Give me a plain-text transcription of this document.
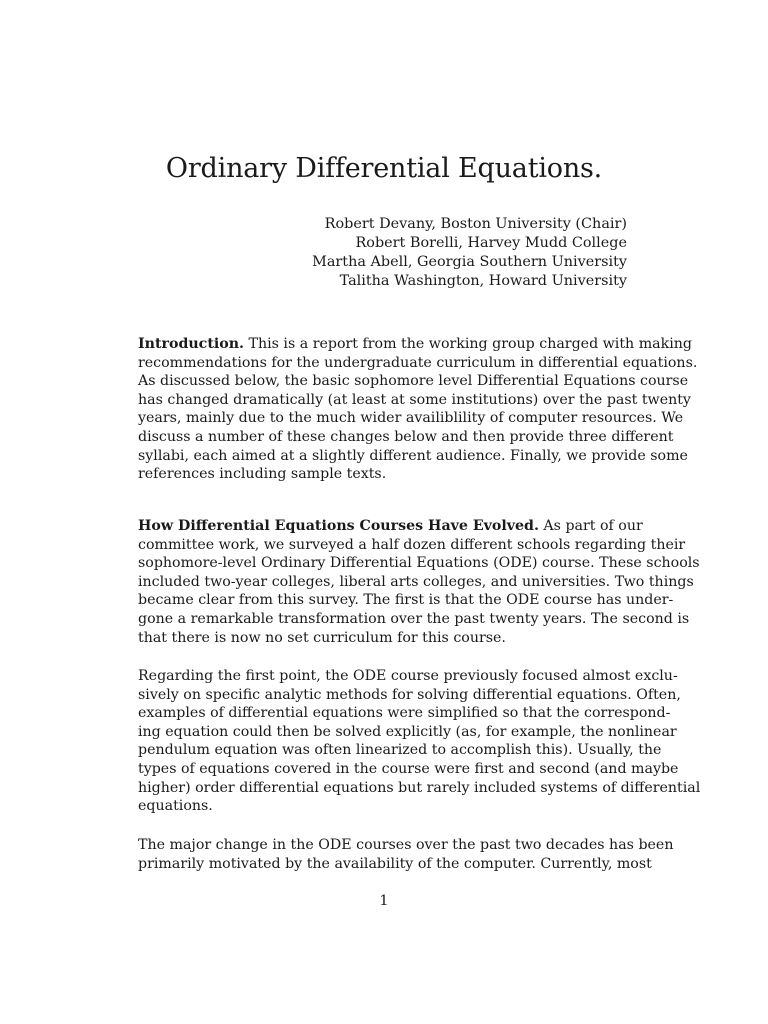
Ordinary Differential Equations.
Robert Devany, Boston University (Chair)
Robert Borelli, Harvey Mudd College
Martha Abell, Georgia Southern University
Talitha Washington, Howard University

Introduction. This is a report from the working group charged with making
recommendations for the undergraduate curriculum in differential equations.
As discussed below, the basic sophomore level Differential Equations course
has changed dramatically (at least at some institutions) over the past twenty
years, mainly due to the much wider availiblility of computer resources. We
discuss a number of these changes below and then provide three different
syllabi, each aimed at a slightly different audience. Finally, we provide some
references including sample texts.

How Differential Equations Courses Have Evolved. As part of our
committee work, we surveyed a half dozen different schools regarding their
sophomore-level Ordinary Differential Equations (ODE) course. These schools
included two-year colleges, liberal arts colleges, and universities. Two things
became clear from this survey. The first is that the ODE course has under-
gone a remarkable transformation over the past twenty years. The second is
that there is now no set curriculum for this course.

Regarding the first point, the ODE course previously focused almost exclu-
sively on specific analytic methods for solving differential equations. Often,
examples of differential equations were simplified so that the correspond-
ing equation could then be solved explicitly (as, for example, the nonlinear
pendulum equation was often linearized to accomplish this). Usually, the
types of equations covered in the course were first and second (and maybe
higher) order differential equations but rarely included systems of differential
equations.

The major change in the ODE courses over the past two decades has been
primarily motivated by the availability of the computer. Currently, most

1
